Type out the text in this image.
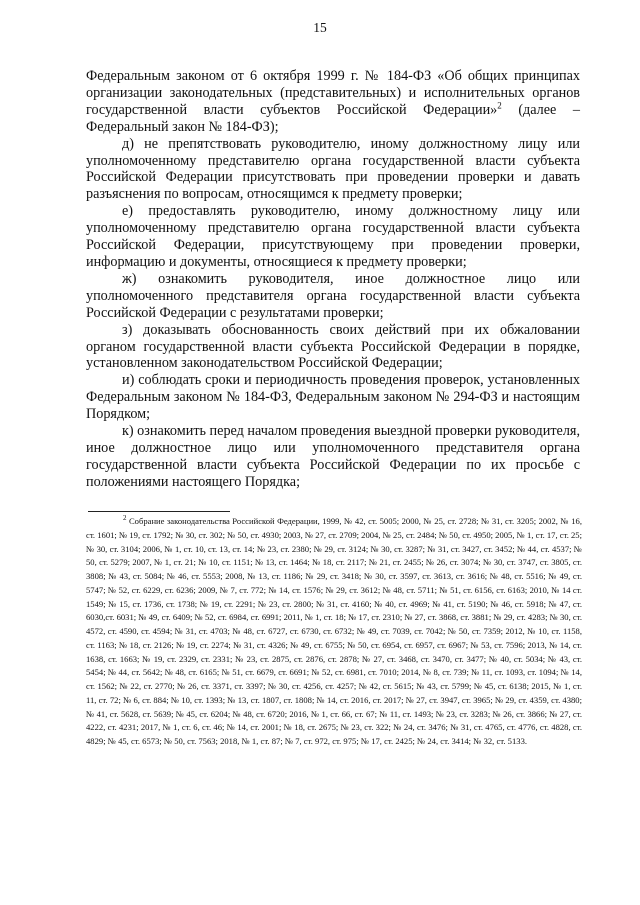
15

Федеральным законом от 6 октября 1999 г. № 184-ФЗ «Об общих принципах организации законодательных (представительных) и исполнительных органов государственной власти субъектов Российской Федерации»$^2$ (далее – Федеральный закон № 184-ФЗ);

д) не препятствовать руководителю, иному должностному лицу или уполномоченному представителю органа государственной власти субъекта Российской Федерации присутствовать при проведении проверки и давать разъяснения по вопросам, относящимся к предмету проверки;

е) предоставлять руководителю, иному должностному лицу или уполномоченному представителю органа государственной власти субъекта Российской Федерации, присутствующему при проведении проверки, информацию и документы, относящиеся к предмету проверки;

ж) ознакомить руководителя, иное должностное лицо или уполномоченного представителя органа государственной власти субъекта Российской Федерации с результатами проверки;

з) доказывать обоснованность своих действий при их обжаловании органом государственной власти субъекта Российской Федерации в порядке, установленном законодательством Российской Федерации;

и) соблюдать сроки и периодичность проведения проверок, установленных Федеральным законом № 184-ФЗ, Федеральным законом № 294-ФЗ и настоящим Порядком;

к) ознакомить перед началом проведения выездной проверки руководителя, иное должностное лицо или уполномоченного представителя органа государственной власти субъекта Российской Федерации по их просьбе с положениями настоящего Порядка;

$^2$ Собрание законодательства Российской Федерации, 1999, № 42, ст. 5005; 2000, № 25, ст. 2728; № 31, ст. 3205; 2002, № 16, ст. 1601; № 19, ст. 1792; № 30, ст. 302; № 50, ст. 4930; 2003, № 27, ст. 2709; 2004, № 25, ст. 2484; № 50, ст. 4950; 2005, № 1, ст. 17, ст. 25; № 30, ст. 3104; 2006, № 1, ст. 10, ст. 13, ст. 14; № 23, ст. 2380; № 29, ст. 3124; № 30, ст. 3287; № 31, ст. 3427, ст. 3452; № 44, ст. 4537; № 50, ст. 5279; 2007, № 1, ст. 21; № 10, ст. 1151; № 13, ст. 1464; № 18, ст. 2117; № 21, ст. 2455; № 26, ст. 3074; № 30, ст. 3747, ст. 3805, ст. 3808; № 43, ст. 5084; № 46, ст. 5553; 2008, № 13, ст. 1186; № 29, ст. 3418; № 30, ст. 3597, ст. 3613, ст. 3616; № 48, ст. 5516; № 49, ст. 5747; № 52, ст. 6229, ст. 6236; 2009, № 7, ст. 772; № 14, ст. 1576; № 29, ст. 3612; № 48, ст. 5711; № 51, ст. 6156, ст. 6163; 2010, № 14 ст. 1549; № 15, ст. 1736, ст. 1738; № 19, ст. 2291; № 23, ст. 2800; № 31, ст. 4160; № 40, ст. 4969; № 41, ст. 5190; № 46, ст. 5918; № 47, ст. 6030,ст. 6031; № 49, ст. 6409; № 52, ст. 6984, ст. 6991; 2011, № 1, ст. 18; № 17, ст. 2310; № 27, ст. 3868, ст. 3881; № 29, ст. 4283; № 30, ст. 4572, ст. 4590, ст. 4594; № 31, ст. 4703; № 48, ст. 6727, ст. 6730, ст. 6732; № 49, ст. 7039, ст. 7042; № 50, ст. 7359; 2012, № 10, ст. 1158, ст. 1163; № 18, ст. 2126; № 19, ст. 2274; № 31, ст. 4326; № 49, ст. 6755; № 50, ст. 6954, ст. 6957, ст. 6967; № 53, ст. 7596; 2013, № 14, ст. 1638, ст. 1663; № 19, ст. 2329, ст. 2331; № 23, ст. 2875, ст. 2876, ст. 2878; № 27, ст. 3468, ст. 3470, ст. 3477; № 40, ст. 5034; № 43, ст. 5454; № 44, ст. 5642; № 48, ст. 6165; № 51, ст. 6679, ст. 6691; № 52, ст. 6981, ст. 7010; 2014, № 8, ст. 739; № 11, ст. 1093, ст. 1094; № 14, ст. 1562; № 22, ст. 2770; № 26, ст. 3371, ст. 3397; № 30, ст. 4256, ст. 4257; № 42, ст. 5615; № 43, ст. 5799; № 45, ст. 6138; 2015, № 1, ст. 11, ст. 72; № 6, ст. 884; № 10, ст. 1393; № 13, ст. 1807, ст. 1808; № 14, ст. 2016, ст. 2017; № 27, ст. 3947, ст. 3965; № 29, ст. 4359, ст. 4380; № 41, ст. 5628, ст. 5639; № 45, ст. 6204; № 48, ст. 6720; 2016, № 1, ст. 66, ст. 67; № 11, ст. 1493; № 23, ст. 3283; № 26, ст. 3866; № 27, ст. 4222, ст. 4231; 2017, № 1, ст. 6, ст. 46; № 14, ст. 2001; № 18, ст. 2675; № 23, ст. 322; № 24, ст. 3476; № 31, ст. 4765, ст. 4776, ст. 4828, ст. 4829; № 45, ст. 6573; № 50, ст. 7563; 2018, № 1, ст. 87; № 7, ст. 972, ст. 975; № 17, ст. 2425; № 24, ст. 3414; № 32, ст. 5133.
